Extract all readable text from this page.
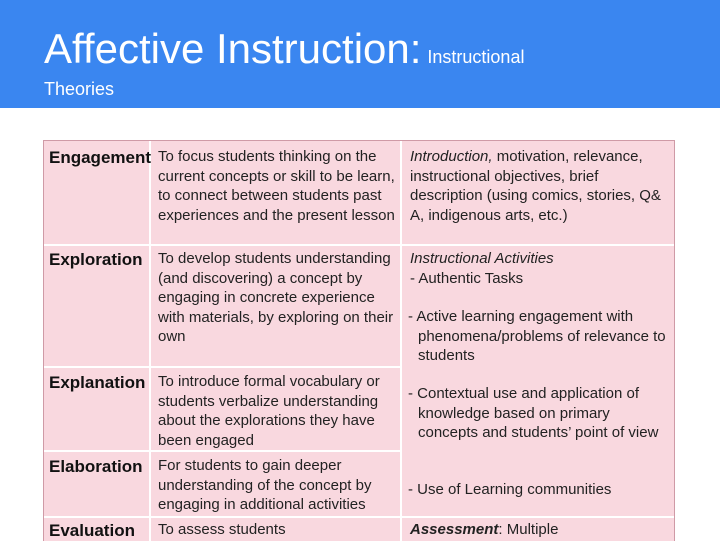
Affective Instruction: Instructional
Theories
Engagement
Exploration
Explanation
Elaboration
Evaluation
To focus students thinking on the current concepts or skill to be learn, to connect between students past experiences and the present lesson
To develop students understanding (and discovering) a concept by engaging in concrete experience with materials, by exploring on their own
To introduce formal vocabulary or students verbalize understanding about the explorations they have been engaged
For students to gain deeper understanding of the concept by engaging in additional activities
To assess students
Introduction, motivation, relevance, instructional objectives, brief description (using comics, stories, Q& A, indigenous arts, etc.)
Instructional Activities
- Authentic Tasks
- Active learning engagement with phenomena/problems of relevance to students
- Contextual use and application of knowledge based on primary concepts and students’ point of view
- Use of Learning communities
Assessment: Multiple
